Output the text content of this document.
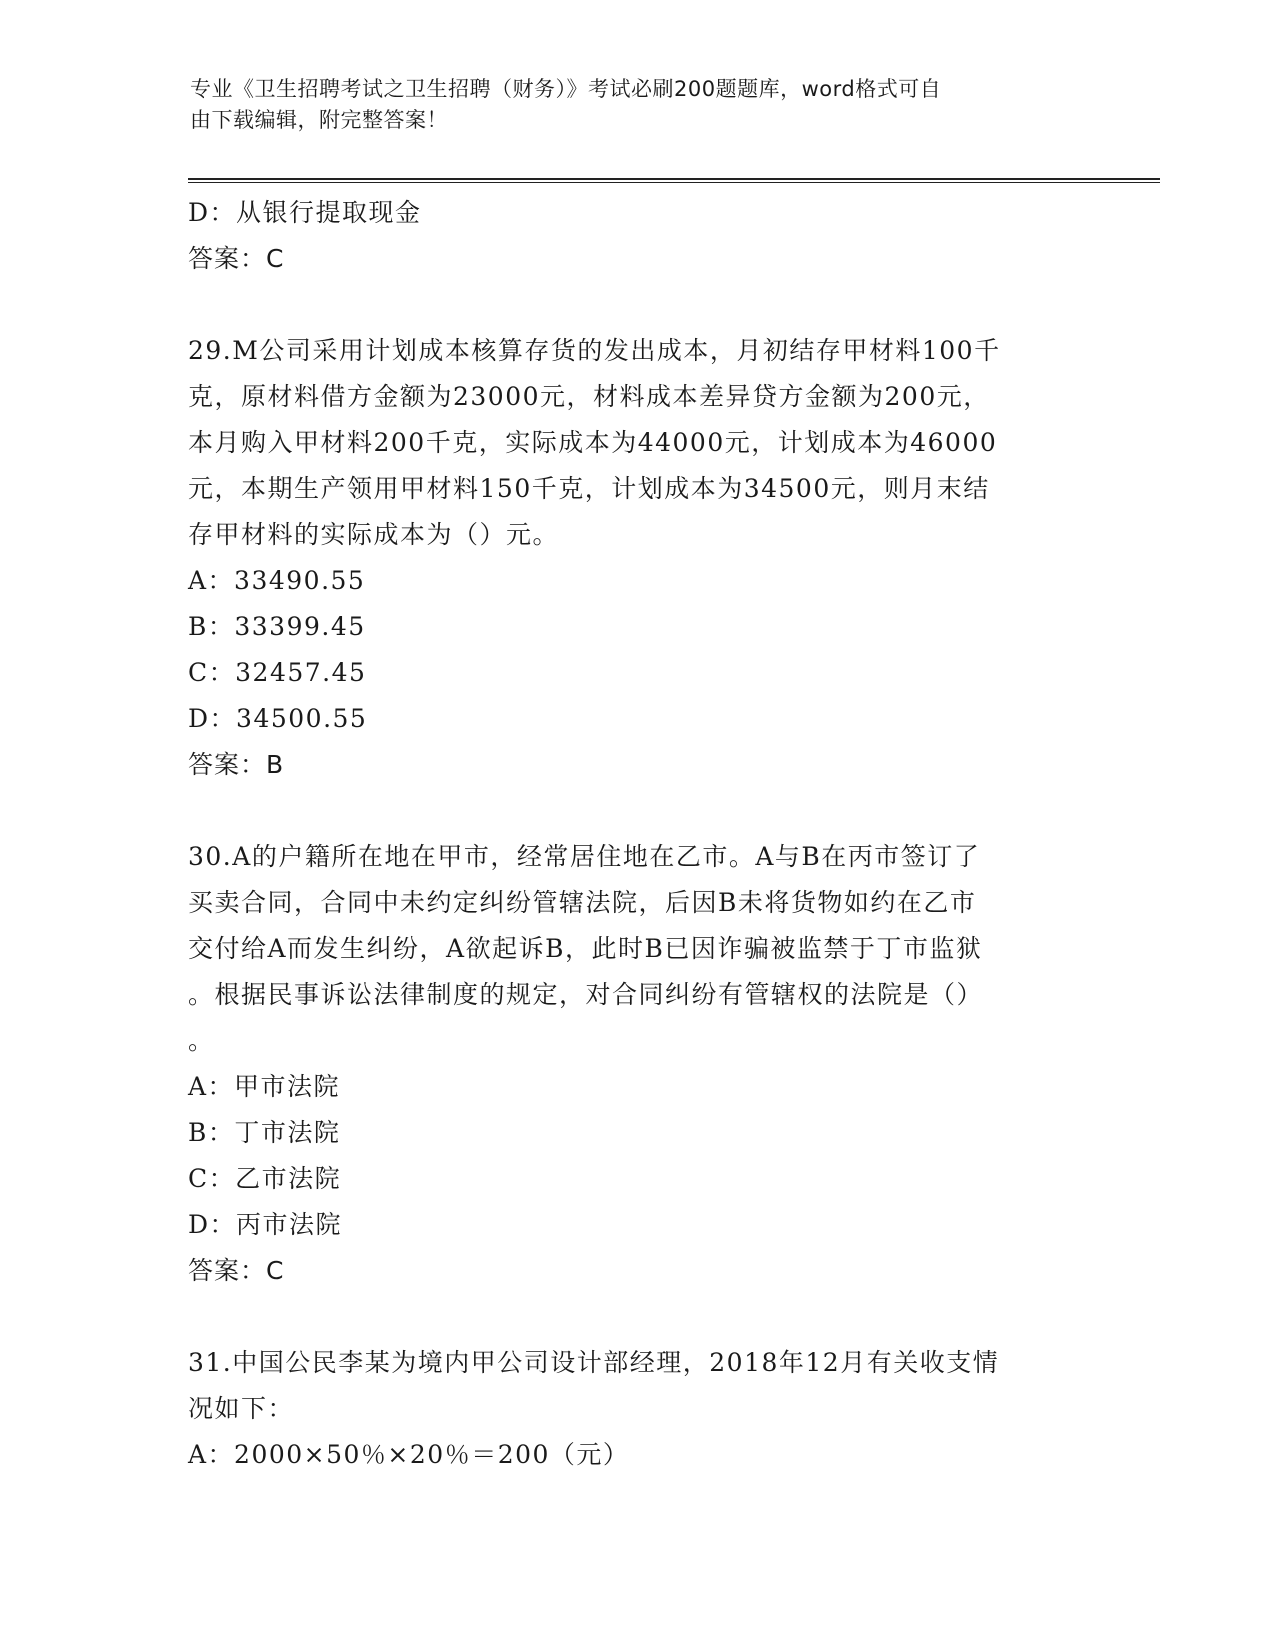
专业《卫生招聘考试之卫生招聘（财务）》考试必刷200题题库，word格式可自
由下载编辑，附完整答案！
D：从银行提取现金
答案：C
29.M公司采用计划成本核算存货的发出成本，月初结存甲材料100千
克，原材料借方金额为23000元，材料成本差异贷方金额为200元，
本月购入甲材料200千克，实际成本为44000元，计划成本为46000
元，本期生产领用甲材料150千克，计划成本为34500元，则月末结
存甲材料的实际成本为（）元。
A：33490.55
B：33399.45
C：32457.45
D：34500.55
答案：B
30.A的户籍所在地在甲市，经常居住地在乙市。A与B在丙市签订了
买卖合同，合同中未约定纠纷管辖法院，后因B未将货物如约在乙市
交付给A而发生纠纷，A欲起诉B，此时B已因诈骗被监禁于丁市监狱
。根据民事诉讼法律制度的规定，对合同纠纷有管辖权的法院是（）
。
A：甲市法院
B：丁市法院
C：乙市法院
D：丙市法院
答案：C
31.中国公民李某为境内甲公司设计部经理，2018年12月有关收支情
况如下：
A：2000×50％×20％＝200（元）
